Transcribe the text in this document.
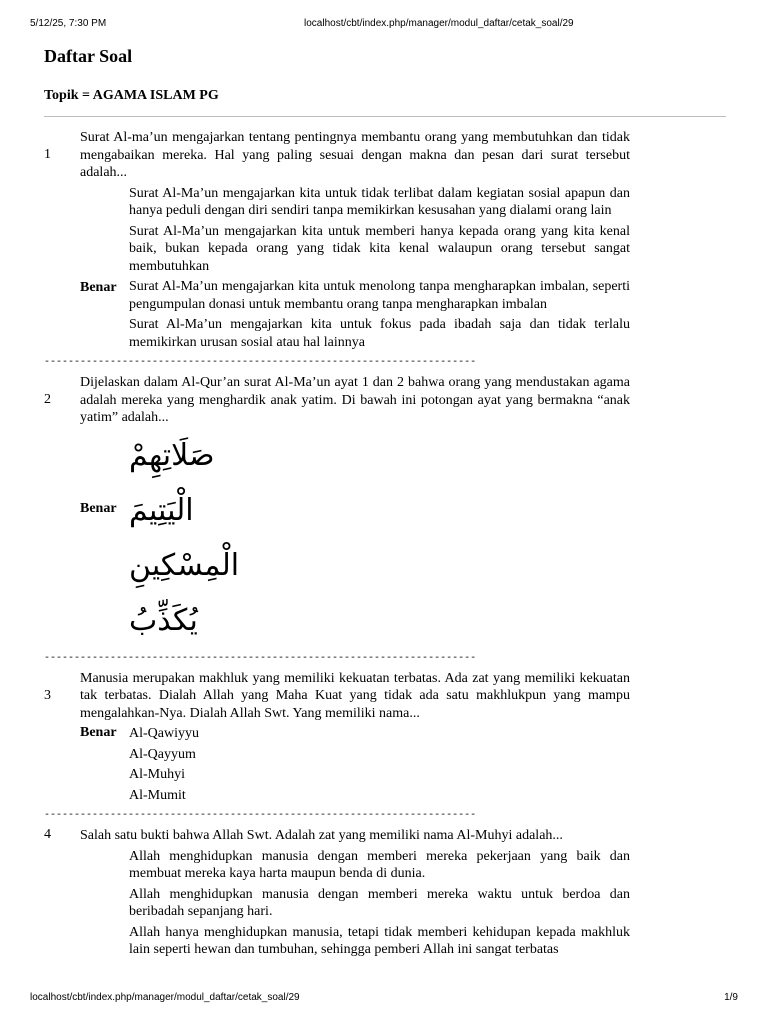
5/12/25, 7:30 PM	localhost/cbt/index.php/manager/modul_daftar/cetak_soal/29
Daftar Soal
Topik = AGAMA ISLAM PG
1
Surat Al-ma’un mengajarkan tentang pentingnya membantu orang yang membutuhkan dan tidak mengabaikan mereka. Hal yang paling sesuai dengan makna dan pesan dari surat tersebut adalah...
Surat Al-Ma’un mengajarkan kita untuk tidak terlibat dalam kegiatan sosial apapun dan hanya peduli dengan diri sendiri tanpa memikirkan kesusahan yang dialami orang lain
Surat Al-Ma’un mengajarkan kita untuk memberi hanya kepada orang yang kita kenal baik, bukan kepada orang yang tidak kita kenal walaupun orang tersebut sangat membutuhkan
Benar Surat Al-Ma’un mengajarkan kita untuk menolong tanpa mengharapkan imbalan, seperti pengumpulan donasi untuk membantu orang tanpa mengharapkan imbalan
Surat Al-Ma’un mengajarkan kita untuk fokus pada ibadah saja dan tidak terlalu memikirkan urusan sosial atau hal lainnya
------------------------------------------------------------------------
2
Dijelaskan dalam Al-Qur’an surat Al-Ma’un ayat 1 dan 2 bahwa orang yang mendustakan agama adalah mereka yang menghardik anak yatim. Di bawah ini potongan ayat yang bermakna “anak yatim” adalah...
صَلَاتِهِمْ
Benar الْيَتِيمَ
الْمِسْكِينِ
يُكَذِّبُ
------------------------------------------------------------------------
3
Manusia merupakan makhluk yang memiliki kekuatan terbatas. Ada zat yang memiliki kekuatan tak terbatas. Dialah Allah yang Maha Kuat yang tidak ada satu makhlukpun yang mampu mengalahkan-Nya. Dialah Allah Swt. Yang memiliki nama...
Benar Al-Qawiyyu
Al-Qayyum
Al-Muhyi
Al-Mumit
------------------------------------------------------------------------
4	Salah satu bukti bahwa Allah Swt. Adalah zat yang memiliki nama Al-Muhyi adalah...
Allah menghidupkan manusia dengan memberi mereka pekerjaan yang baik dan membuat mereka kaya harta maupun benda di dunia.
Allah menghidupkan manusia dengan memberi mereka waktu untuk berdoa dan beribadah sepanjang hari.
Allah hanya menghidupkan manusia, tetapi tidak memberi kehidupan kepada makhluk lain seperti hewan dan tumbuhan, sehingga pemberi Allah ini sangat terbatas
localhost/cbt/index.php/manager/modul_daftar/cetak_soal/29	1/9
